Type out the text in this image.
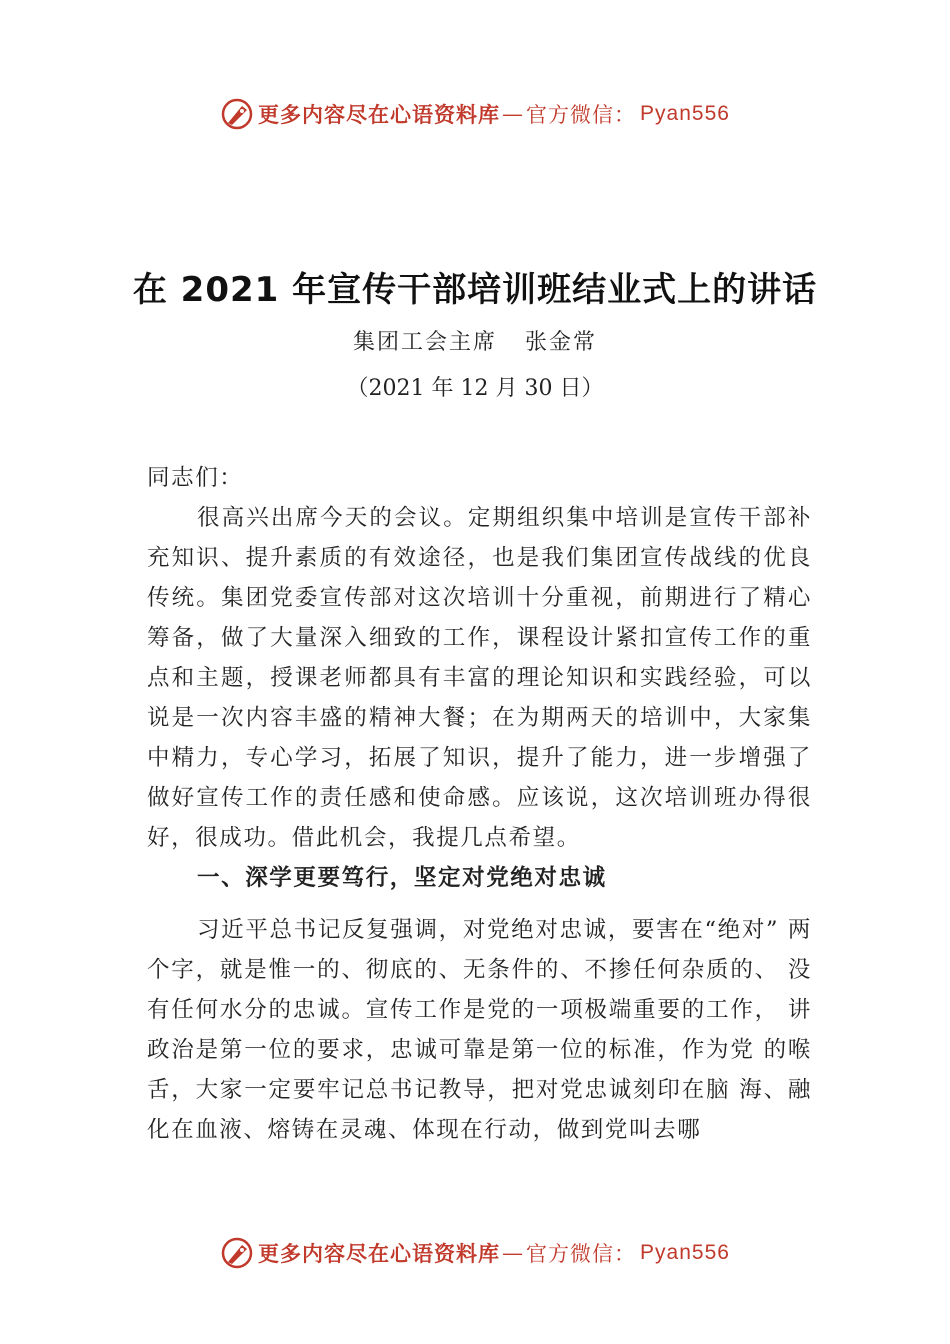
更多内容尽在心语资料库 — 官方微信： Pyan556
在 2021 年宣传干部培训班结业式上的讲话
集团工会主席 张金常
（2021 年 12 月 30 日）

同志们：

很高兴出席今天的会议。定期组织集中培训是宣传干部补充知识、提升素质的有效途径，也是我们集团宣传战线的优良传统。集团党委宣传部对这次培训十分重视，前期进行了精心筹备，做了大量深入细致的工作，课程设计紧扣宣传工作的重点和主题，授课老师都具有丰富的理论知识和实践经验，可以说是一次内容丰盛的精神大餐；在为期两天的培训中，大家集中精力，专心学习，拓展了知识，提升了能力，进一步增强了做好宣传工作的责任感和使命感。应该说，这次培训班办得很好，很成功。借此机会，我提几点希望。

一、深学更要笃行，坚定对党绝对忠诚

习近平总书记反复强调，对党绝对忠诚，要害在“绝对” 两个字，就是惟一的、彻底的、无条件的、不掺任何杂质的、 没有任何水分的忠诚。宣传工作是党的一项极端重要的工作， 讲政治是第一位的要求，忠诚可靠是第一位的标准，作为党 的喉舌，大家一定要牢记总书记教导，把对党忠诚刻印在脑 海、融化在血液、熔铸在灵魂、体现在行动，做到党叫去哪

更多内容尽在心语资料库 — 官方微信： Pyan556
